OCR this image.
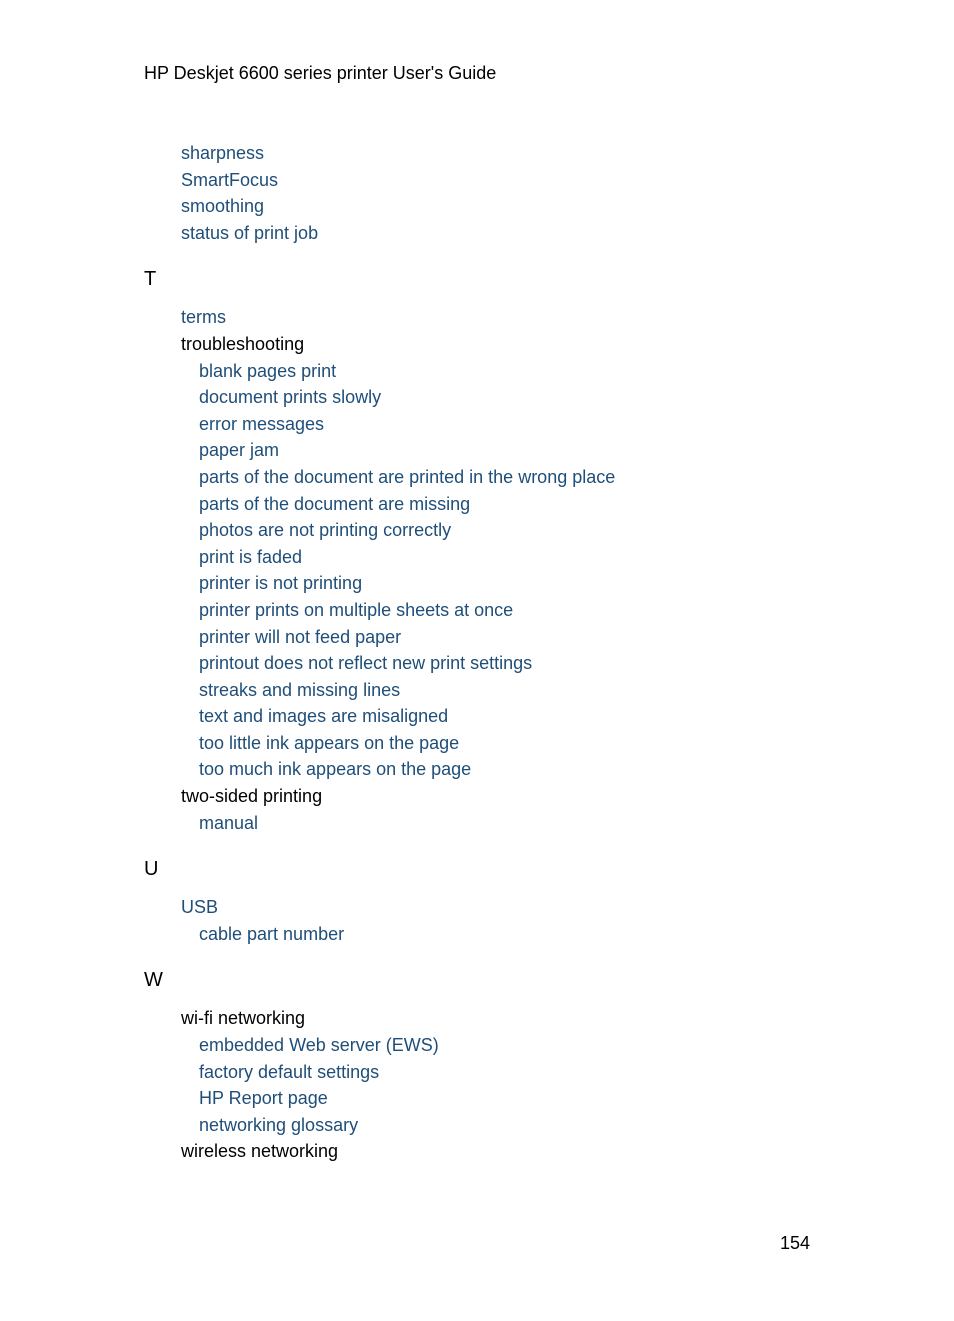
HP Deskjet 6600 series printer User's Guide
sharpness
SmartFocus
smoothing
status of print job
T
terms
troubleshooting
blank pages print
document prints slowly
error messages
paper jam
parts of the document are printed in the wrong place
parts of the document are missing
photos are not printing correctly
print is faded
printer is not printing
printer prints on multiple sheets at once
printer will not feed paper
printout does not reflect new print settings
streaks and missing lines
text and images are misaligned
too little ink appears on the page
too much ink appears on the page
two-sided printing
manual
U
USB
cable part number
W
wi-fi networking
embedded Web server (EWS)
factory default settings
HP Report page
networking glossary
wireless networking
154
